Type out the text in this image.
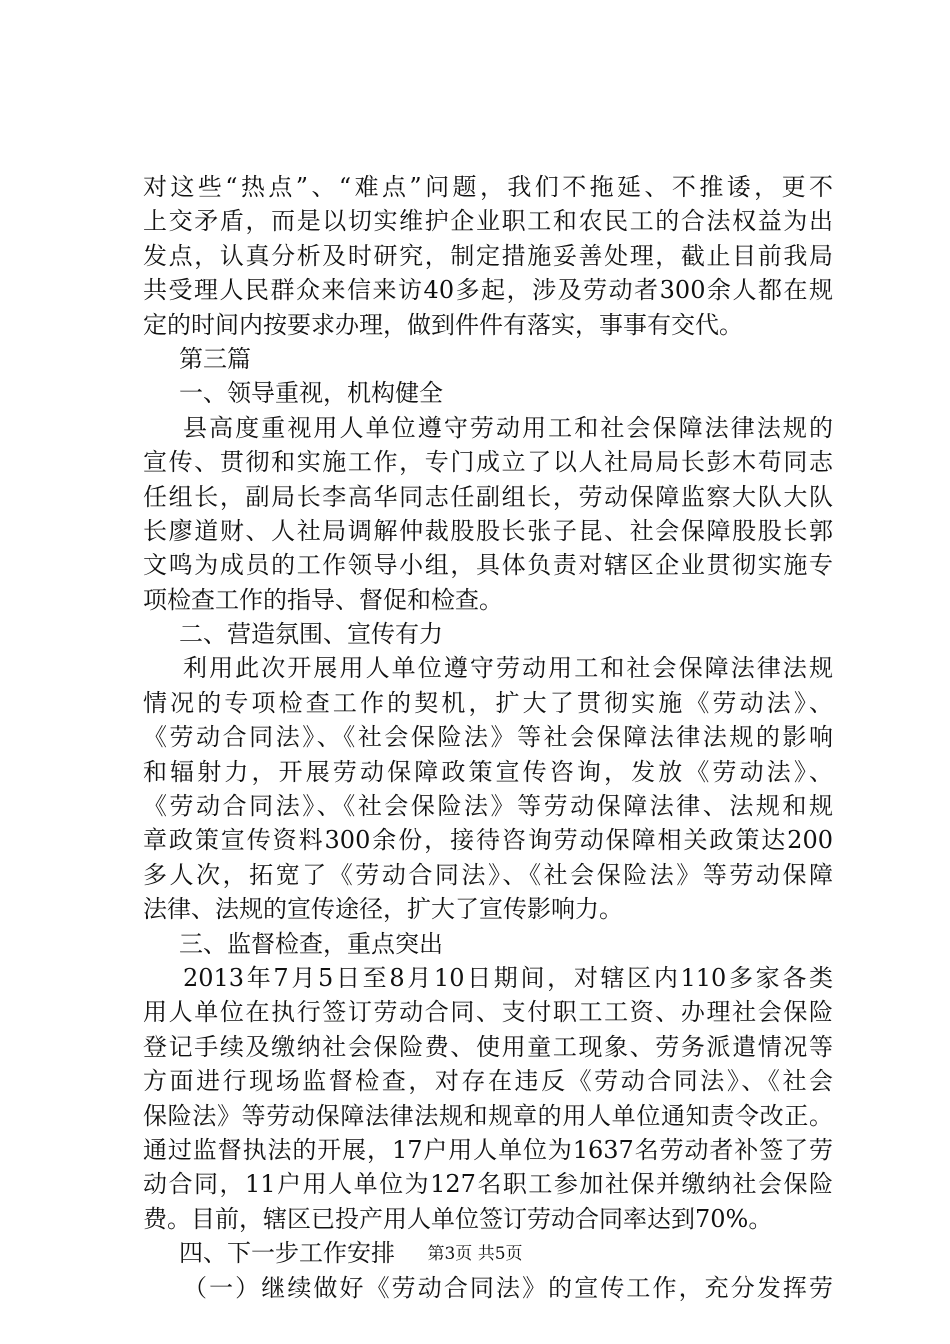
对这些“热点”、“难点”问题，我们不拖延、不推诿，更不
上交矛盾，而是以切实维护企业职工和农民工的合法权益为出
发点，认真分析及时研究，制定措施妥善处理，截止目前我局
共受理人民群众来信来访40多起，涉及劳动者300余人都在规
定的时间内按要求办理，做到件件有落实，事事有交代。
第三篇
一、领导重视，机构健全
县高度重视用人单位遵守劳动用工和社会保障法律法规的
宣传、贯彻和实施工作，专门成立了以人社局局长彭木苟同志
任组长，副局长李高华同志任副组长，劳动保障监察大队大队
长廖道财、人社局调解仲裁股股长张子昆、社会保障股股长郭
文鸣为成员的工作领导小组，具体负责对辖区企业贯彻实施专
项检查工作的指导、督促和检查。
二、营造氛围、宣传有力
利用此次开展用人单位遵守劳动用工和社会保障法律法规
情况的专项检查工作的契机，扩大了贯彻实施《劳动法》、
《劳动合同法》、《社会保险法》等社会保障法律法规的影响
和辐射力，开展劳动保障政策宣传咨询，发放《劳动法》、
《劳动合同法》、《社会保险法》等劳动保障法律、法规和规
章政策宣传资料300余份，接待咨询劳动保障相关政策达200
多人次，拓宽了《劳动合同法》、《社会保险法》等劳动保障
法律、法规的宣传途径，扩大了宣传影响力。
三、监督检查，重点突出
2013年7月5日至8月10日期间，对辖区内110多家各类
用人单位在执行签订劳动合同、支付职工工资、办理社会保险
登记手续及缴纳社会保险费、使用童工现象、劳务派遣情况等
方面进行现场监督检查，对存在违反《劳动合同法》、《社会
保险法》等劳动保障法律法规和规章的用人单位通知责令改正。
通过监督执法的开展，17户用人单位为1637名劳动者补签了劳
动合同，11户用人单位为127名职工参加社保并缴纳社会保险
费。目前，辖区已投产用人单位签订劳动合同率达到70%。
四、下一步工作安排
（一）继续做好《劳动合同法》的宣传工作，充分发挥劳
第3页 共5页
